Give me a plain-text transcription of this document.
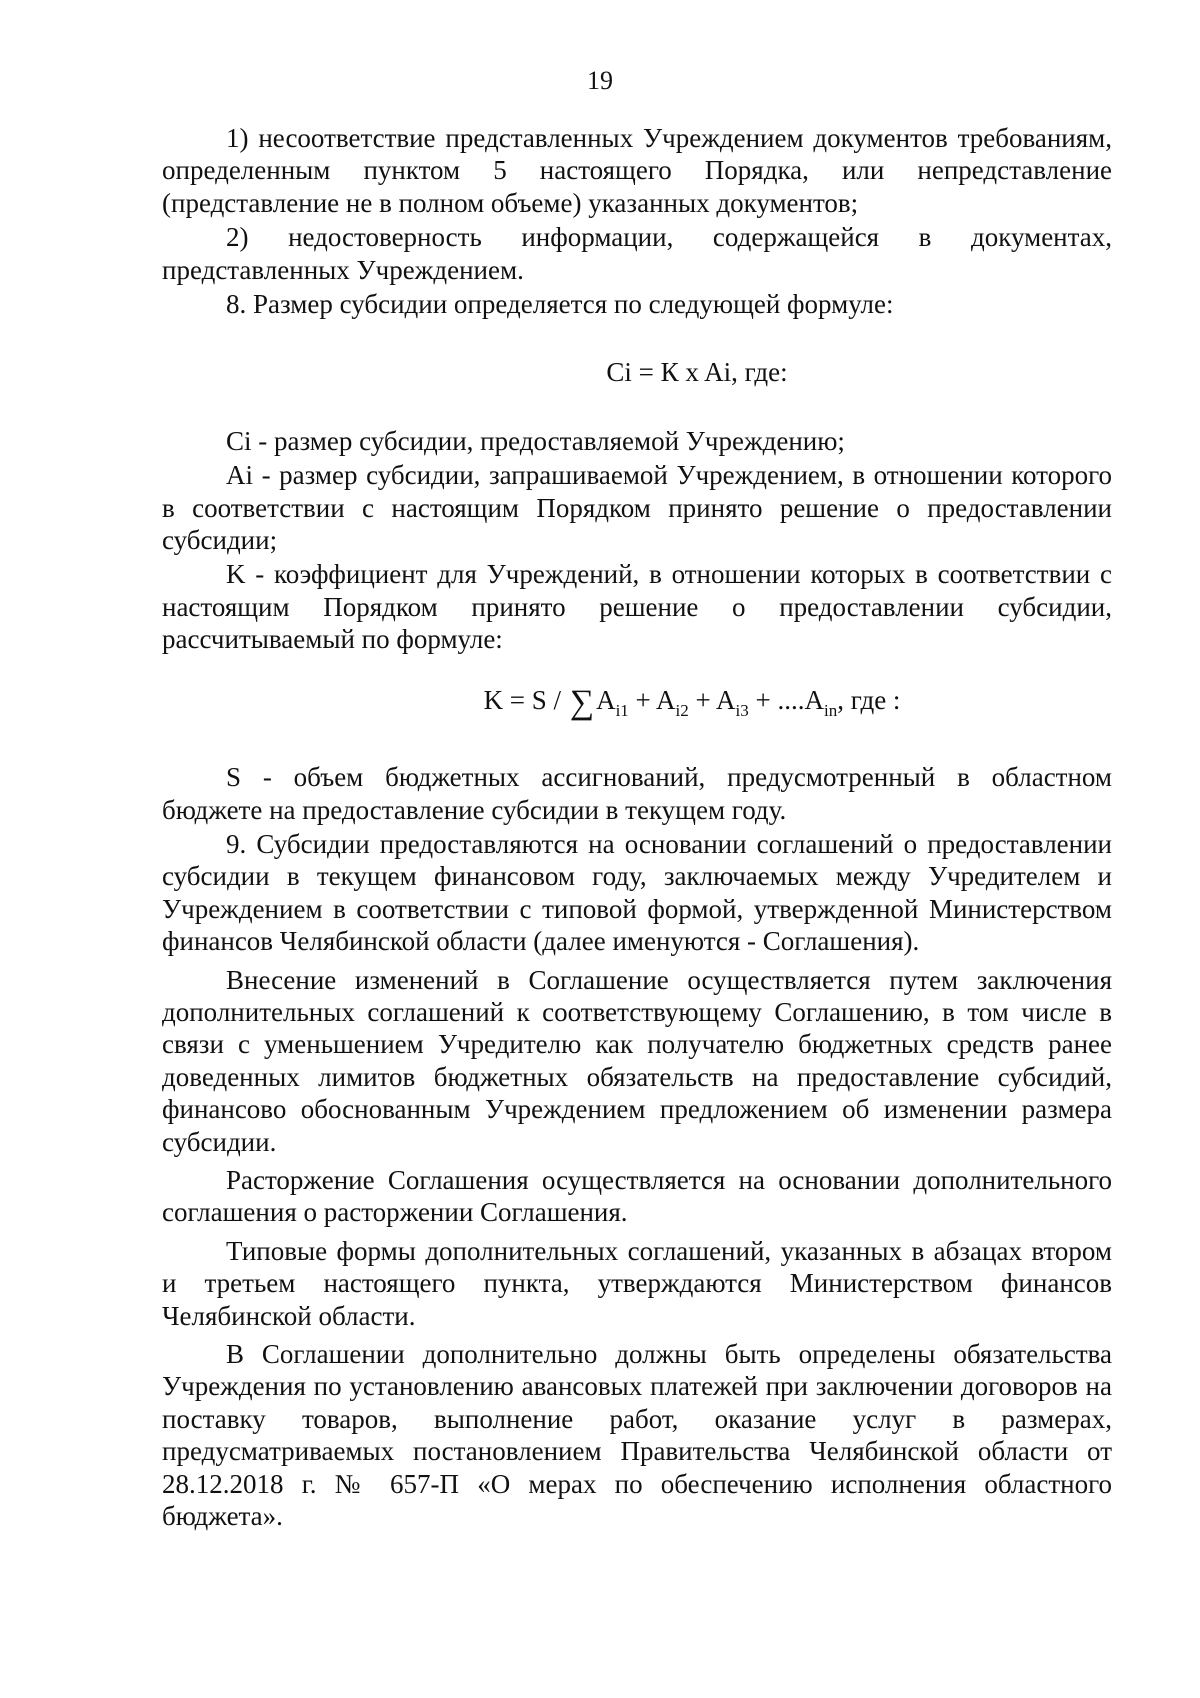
19

1) несоответствие представленных Учреждением документов требованиям, определенным пунктом 5 настоящего Порядка, или непредставление (представление не в полном объеме) указанных документов;

2) недостоверность информации, содержащейся в документах, представленных Учреждением.

8. Размер субсидии определяется по следующей формуле:

Ci = К x Ai, где:

Ci - размер субсидии, предоставляемой Учреждению;

Ai - размер субсидии, запрашиваемой Учреждением, в отношении которого в соответствии с настоящим Порядком принято решение о предоставлении субсидии;

K - коэффициент для Учреждений, в отношении которых в соответствии с настоящим Порядком принято решение о предоставлении субсидии, рассчитываемый по формуле:

$K = S / \sum A_{i1} + A_{i2} + A_{i3} + ....A_{in}$, где :

S - объем бюджетных ассигнований, предусмотренный в областном бюджете на предоставление субсидии в текущем году.

9. Субсидии предоставляются на основании соглашений о предоставлении субсидии в текущем финансовом году, заключаемых между Учредителем и Учреждением в соответствии с типовой формой, утвержденной Министерством финансов Челябинской области (далее именуются - Соглашения).

Внесение изменений в Соглашение осуществляется путем заключения дополнительных соглашений к соответствующему Соглашению, в том числе в связи с уменьшением Учредителю как получателю бюджетных средств ранее доведенных лимитов бюджетных обязательств на предоставление субсидий, финансово обоснованным Учреждением предложением об изменении размера субсидии.

Расторжение Соглашения осуществляется на основании дополнительного соглашения о расторжении Соглашения.

Типовые формы дополнительных соглашений, указанных в абзацах втором и третьем настоящего пункта, утверждаются Министерством финансов Челябинской области.

В Соглашении дополнительно должны быть определены обязательства Учреждения по установлению авансовых платежей при заключении договоров на поставку товаров, выполнение работ, оказание услуг в размерах, предусматриваемых постановлением Правительства Челябинской области от 28.12.2018 г. № 657-П «О мерах по обеспечению исполнения областного бюджета».
